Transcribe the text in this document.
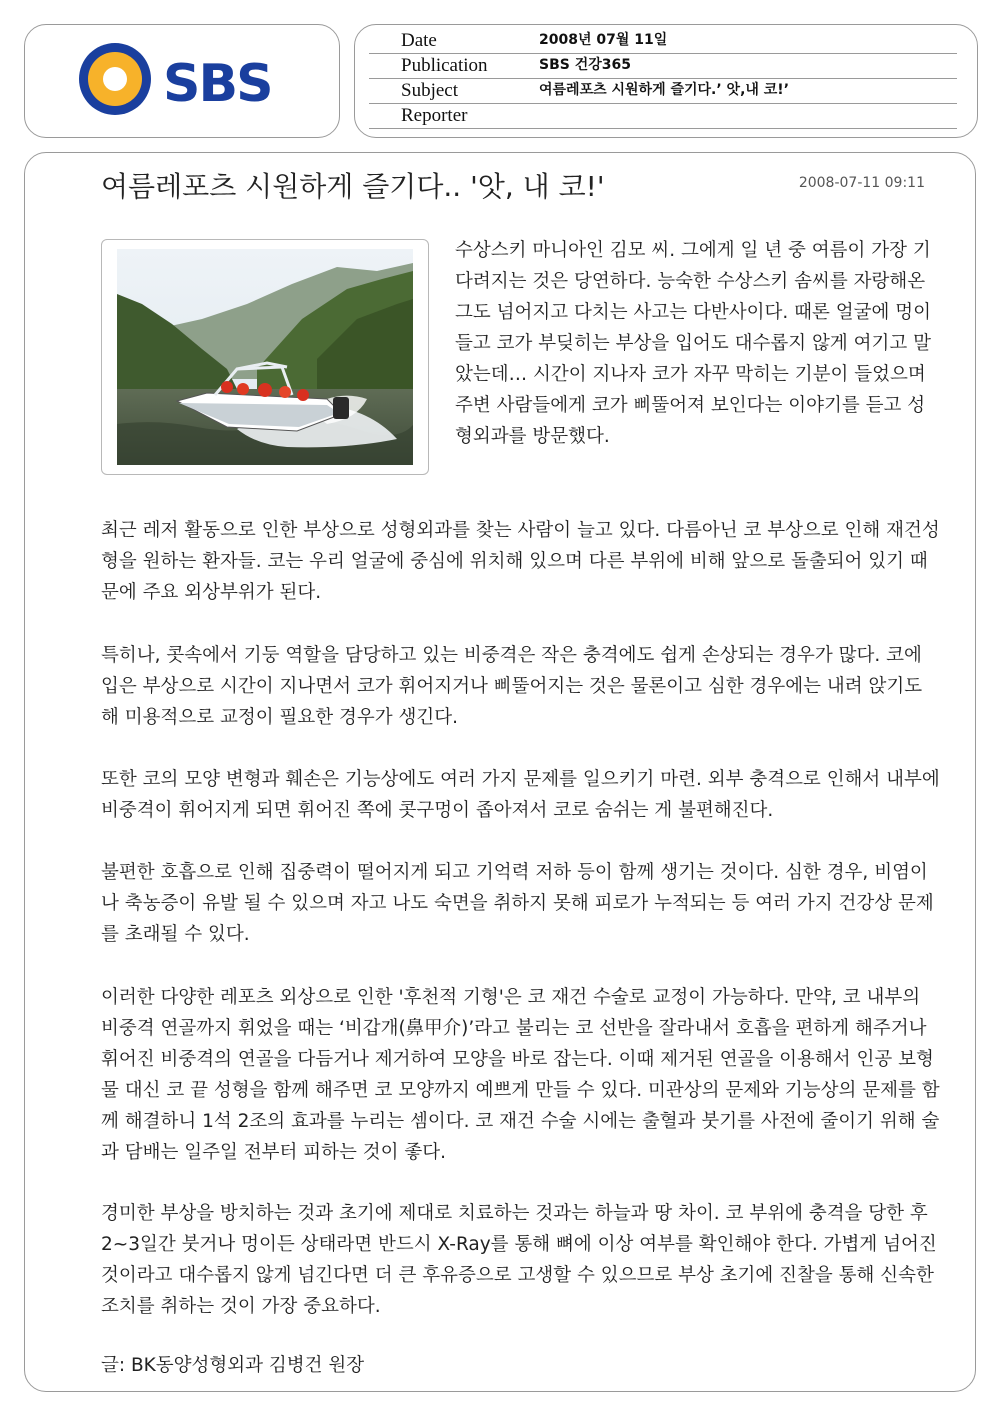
SBS
Date	2008년 07월 11일
Publication	SBS 건강365
Subject	여름레포츠 시원하게 즐기다.’ 앗,내 코!’
Reporter
여름레포츠 시원하게 즐기다.. '앗, 내 코!'	2008-07-11 09:11
수상스키 마니아인 김모 씨. 그에게 일 년 중 여름이 가장 기다려지는 것은 당연하다. 능숙한 수상스키 솜씨를 자랑해온 그도 넘어지고 다치는 사고는 다반사이다. 때론 얼굴에 멍이 들고 코가 부딪히는 부상을 입어도 대수롭지 않게 여기고 말았는데… 시간이 지나자 코가 자꾸 막히는 기분이 들었으며 주변 사람들에게 코가 삐뚤어져 보인다는 이야기를 듣고 성형외과를 방문했다.
최근 레저 활동으로 인한 부상으로 성형외과를 찾는 사람이 늘고 있다. 다름아닌 코 부상으로 인해 재건성형을 원하는 환자들. 코는 우리 얼굴에 중심에 위치해 있으며 다른 부위에 비해 앞으로 돌출되어 있기 때문에 주요 외상부위가 된다.
특히나, 콧속에서 기둥 역할을 담당하고 있는 비중격은 작은 충격에도 쉽게 손상되는 경우가 많다. 코에 입은 부상으로 시간이 지나면서 코가 휘어지거나 삐뚤어지는 것은 물론이고 심한 경우에는 내려 앉기도 해 미용적으로 교정이 필요한 경우가 생긴다.
또한 코의 모양 변형과 훼손은 기능상에도 여러 가지 문제를 일으키기 마련. 외부 충격으로 인해서 내부에 비중격이 휘어지게 되면 휘어진 쪽에 콧구멍이 좁아져서 코로 숨쉬는 게 불편해진다.
불편한 호흡으로 인해 집중력이 떨어지게 되고 기억력 저하 등이 함께 생기는 것이다. 심한 경우, 비염이나 축농증이 유발 될 수 있으며 자고 나도 숙면을 취하지 못해 피로가 누적되는 등 여러 가지 건강상 문제를 초래될 수 있다.
이러한 다양한 레포츠 외상으로 인한 '후천적 기형'은 코 재건 수술로 교정이 가능하다. 만약, 코 내부의 비중격 연골까지 휘었을 때는 ‘비갑개(鼻甲介)’라고 불리는 코 선반을 잘라내서 호흡을 편하게 해주거나 휘어진 비중격의 연골을 다듬거나 제거하여 모양을 바로 잡는다. 이때 제거된 연골을 이용해서 인공 보형물 대신 코 끝 성형을 함께 해주면 코 모양까지 예쁘게 만들 수 있다. 미관상의 문제와 기능상의 문제를 함께 해결하니 1석 2조의 효과를 누리는 셈이다. 코 재건 수술 시에는 출혈과 붓기를 사전에 줄이기 위해 술과 담배는 일주일 전부터 피하는 것이 좋다.
경미한 부상을 방치하는 것과 초기에 제대로 치료하는 것과는 하늘과 땅 차이. 코 부위에 충격을 당한 후 2~3일간 붓거나 멍이든 상태라면 반드시 X-Ray를 통해 뼈에 이상 여부를 확인해야 한다. 가볍게 넘어진 것이라고 대수롭지 않게 넘긴다면 더 큰 후유증으로 고생할 수 있으므로 부상 초기에 진찰을 통해 신속한 조치를 취하는 것이 가장 중요하다.
글: BK동양성형외과 김병건 원장
